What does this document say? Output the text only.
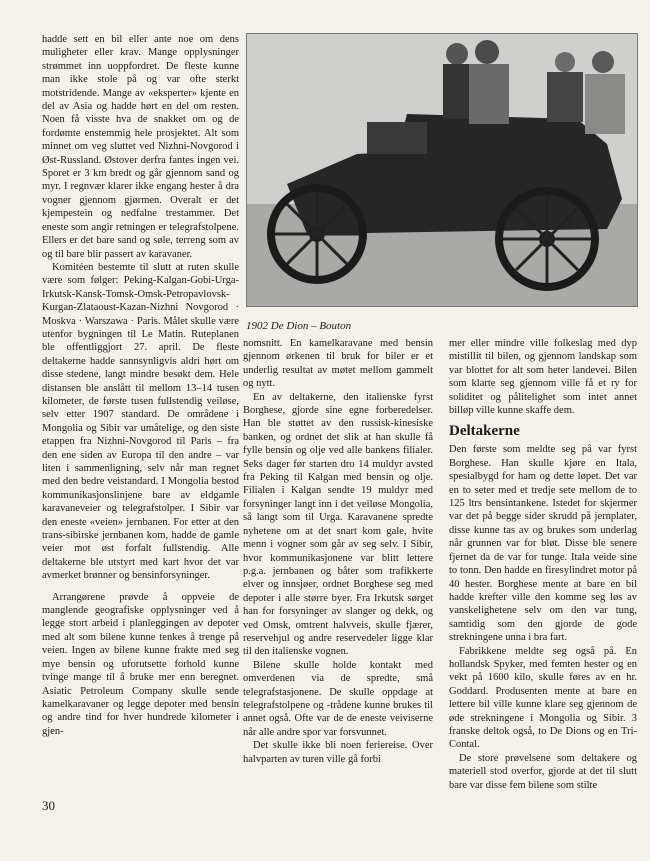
hadde sett en bil eller ante noe om dens muligheter eller krav. Mange opplysninger strømmet inn uoppfordret. De fleste kunne man ikke stole på og var ofte sterkt motstridende. Mange av «eksperter» kjente en del av Asia og hadde hørt en del om resten. Noen få visste hva de snakket om og de fordømte enstemmig hele prosjektet. Alt som minnet om veg sluttet ved Nizhni-Novgorod i Øst-Russland. Østover derfra fantes ingen vei. Sporet er 3 km bredt og går gjennom sand og myr. I regnvær klarer ikke engang hester å dra vogner gjennom gjørmen. Overalt er det kjempestein og nedfalne trestammer. Det eneste som angir retningen er telegrafstolpene. Ellers er det bare sand og søle, terreng som av og til bare blir passert av karavaner.

Komitéen bestemte til slutt at ruten skulle være som følger: Peking-Kalgan-Gobi-Urga-Irkutsk-Kansk-Tomsk-Omsk-Petropavlovsk-Kurgan-Zlataoust-Kazan-Nizhni Novgorod · Moskva · Warszawa · Paris. Målet skulle være utenfor bygningen til Le Matin. Ruteplanen ble offentliggjort 27. april. De fleste deltakerne hadde sannsynligvis aldri hørt om disse stedene, langt mindre besøkt dem. Hele distansen ble anslått til mellom 13–14 tusen kilometer, de første tusen fullstendig veiløse, selv etter 1907 standard. De områdene i Mongolia og Sibir var umåtelige, og den siste etappen fra Nizhni-Novgorod til Paris – fra den ene siden av Europa til den andre – var liten i sammenligning, selv når man regnet med den bedre veistandard. I Mongolia bestod kommunikasjonslinjene bare av eldgamle karavaneveier og telegrafstolper. I Sibir var den eneste «veien» jernbanen. For etter at den trans-sibirske jernbanen kom, hadde de gamle veier mot øst forfalt fullstendig. Alle deltakerne ble utstyrt med kart hvor det var avmerket brønner og bensinforsyninger.

Arrangørene prøvde å oppveie de manglende geografiske opplysninger ved å legge stort arbeid i planleggingen av depoter med alt som bilene kunne tenkes å trenge på veien. Ingen av bilene kunne frakte med seg mye bensin og uforutsette forhold kunne tvinge mange til å bruke mer enn beregnet. Asiatic Petroleum Company skulle sende kamelkaravaner og legge depoter med bensin og andre tind for hver hundrede kilometer i gjen-

1902 De Dion – Bouton

nomsnitt. En kamelkaravane med bensin gjennom ørkenen til bruk for biler er et underlig resultat av møtet mellom gammelt og nytt.

En av deltakerne, den italienske fyrst Borghese, gjorde sine egne forberedelser. Han ble støttet av den russisk-kinesiske banken, og ordnet det slik at han skulle få fylle bensin og olje ved alle bankens filialer. Seks dager før starten dro 14 muldyr avsted fra Peking til Kalgan med bensin og olje. Filialen i Kalgan sendte 19 muldyr med forsyninger langt inn i det veiløse Mongolia, så langt som til Urga. Karavanene spredte nyhetene om at det snart kom gale, hvite menn i vogner som går av seg selv. I Sibir, hvor kommunikasjonene var blitt lettere p.g.a. jernbanen og båter som trafikkerte elver og innsjøer, ordnet Borghese seg med depoter i alle større byer. Fra Irkutsk sørget han for forsyninger av slanger og dekk, og ved Omsk, omtrent halvveis, skulle fjærer, reservehjul og andre reservedeler ligge klar til den italienske vognen.

Bilene skulle holde kontakt med omverdenen via de spredte, små telegrafstasjonene. De skulle oppdage at telegrafstolpene og -trådene kunne brukes til annet også. Ofte var de de eneste veiviserne når alle andre spor var forsvunnet.

Det skulle ikke bli noen feriereise. Over halvparten av turen ville gå forbi

mer eller mindre ville folkeslag med dyp mistillit til bilen, og gjennom landskap som var blottet for alt som heter landevei. Bilen som klarte seg gjennom ville få et ry for soliditet og pålitelighet som intet annet billøp ville kunne skaffe dem.

Deltakerne

Den første som meldte seg på var fyrst Borghese. Han skulle kjøre en Itala, spesialbygd for ham og dette løpet. Det var en to seter med et tredje sete mellom de to 125 ltrs bensintankene. Istedet for skjermer var det på begge sider skrudd på jernplater, disse kunne tas av og brukes som underlag når grunnen var for bløt. Disse ble senere fjernet da de var for tunge. Itala veide sine to tonn. Den hadde en firesylindret motor på 40 hester. Borghese mente at bare en bil hadde krefter ville den komme seg løs av vanskelighetene selv om den var tung, samtidig som den gjorde de gode strekningene unna i bra fart.

Fabrikkene meldte seg også på. En hollandsk Spyker, med femten hester og en vekt på 1600 kilo, skulle føres av en hr. Goddard. Produsenten mente at bare en lettere bil ville kunne klare seg gjennom de øde strekningene i Mongolia og Sibir. 3 franske deltok også, to De Dions og en Tri-Contal.

De store prøvelsene som deltakere og materiell stod overfor, gjorde at det til slutt bare var disse fem bilene som stilte

30
